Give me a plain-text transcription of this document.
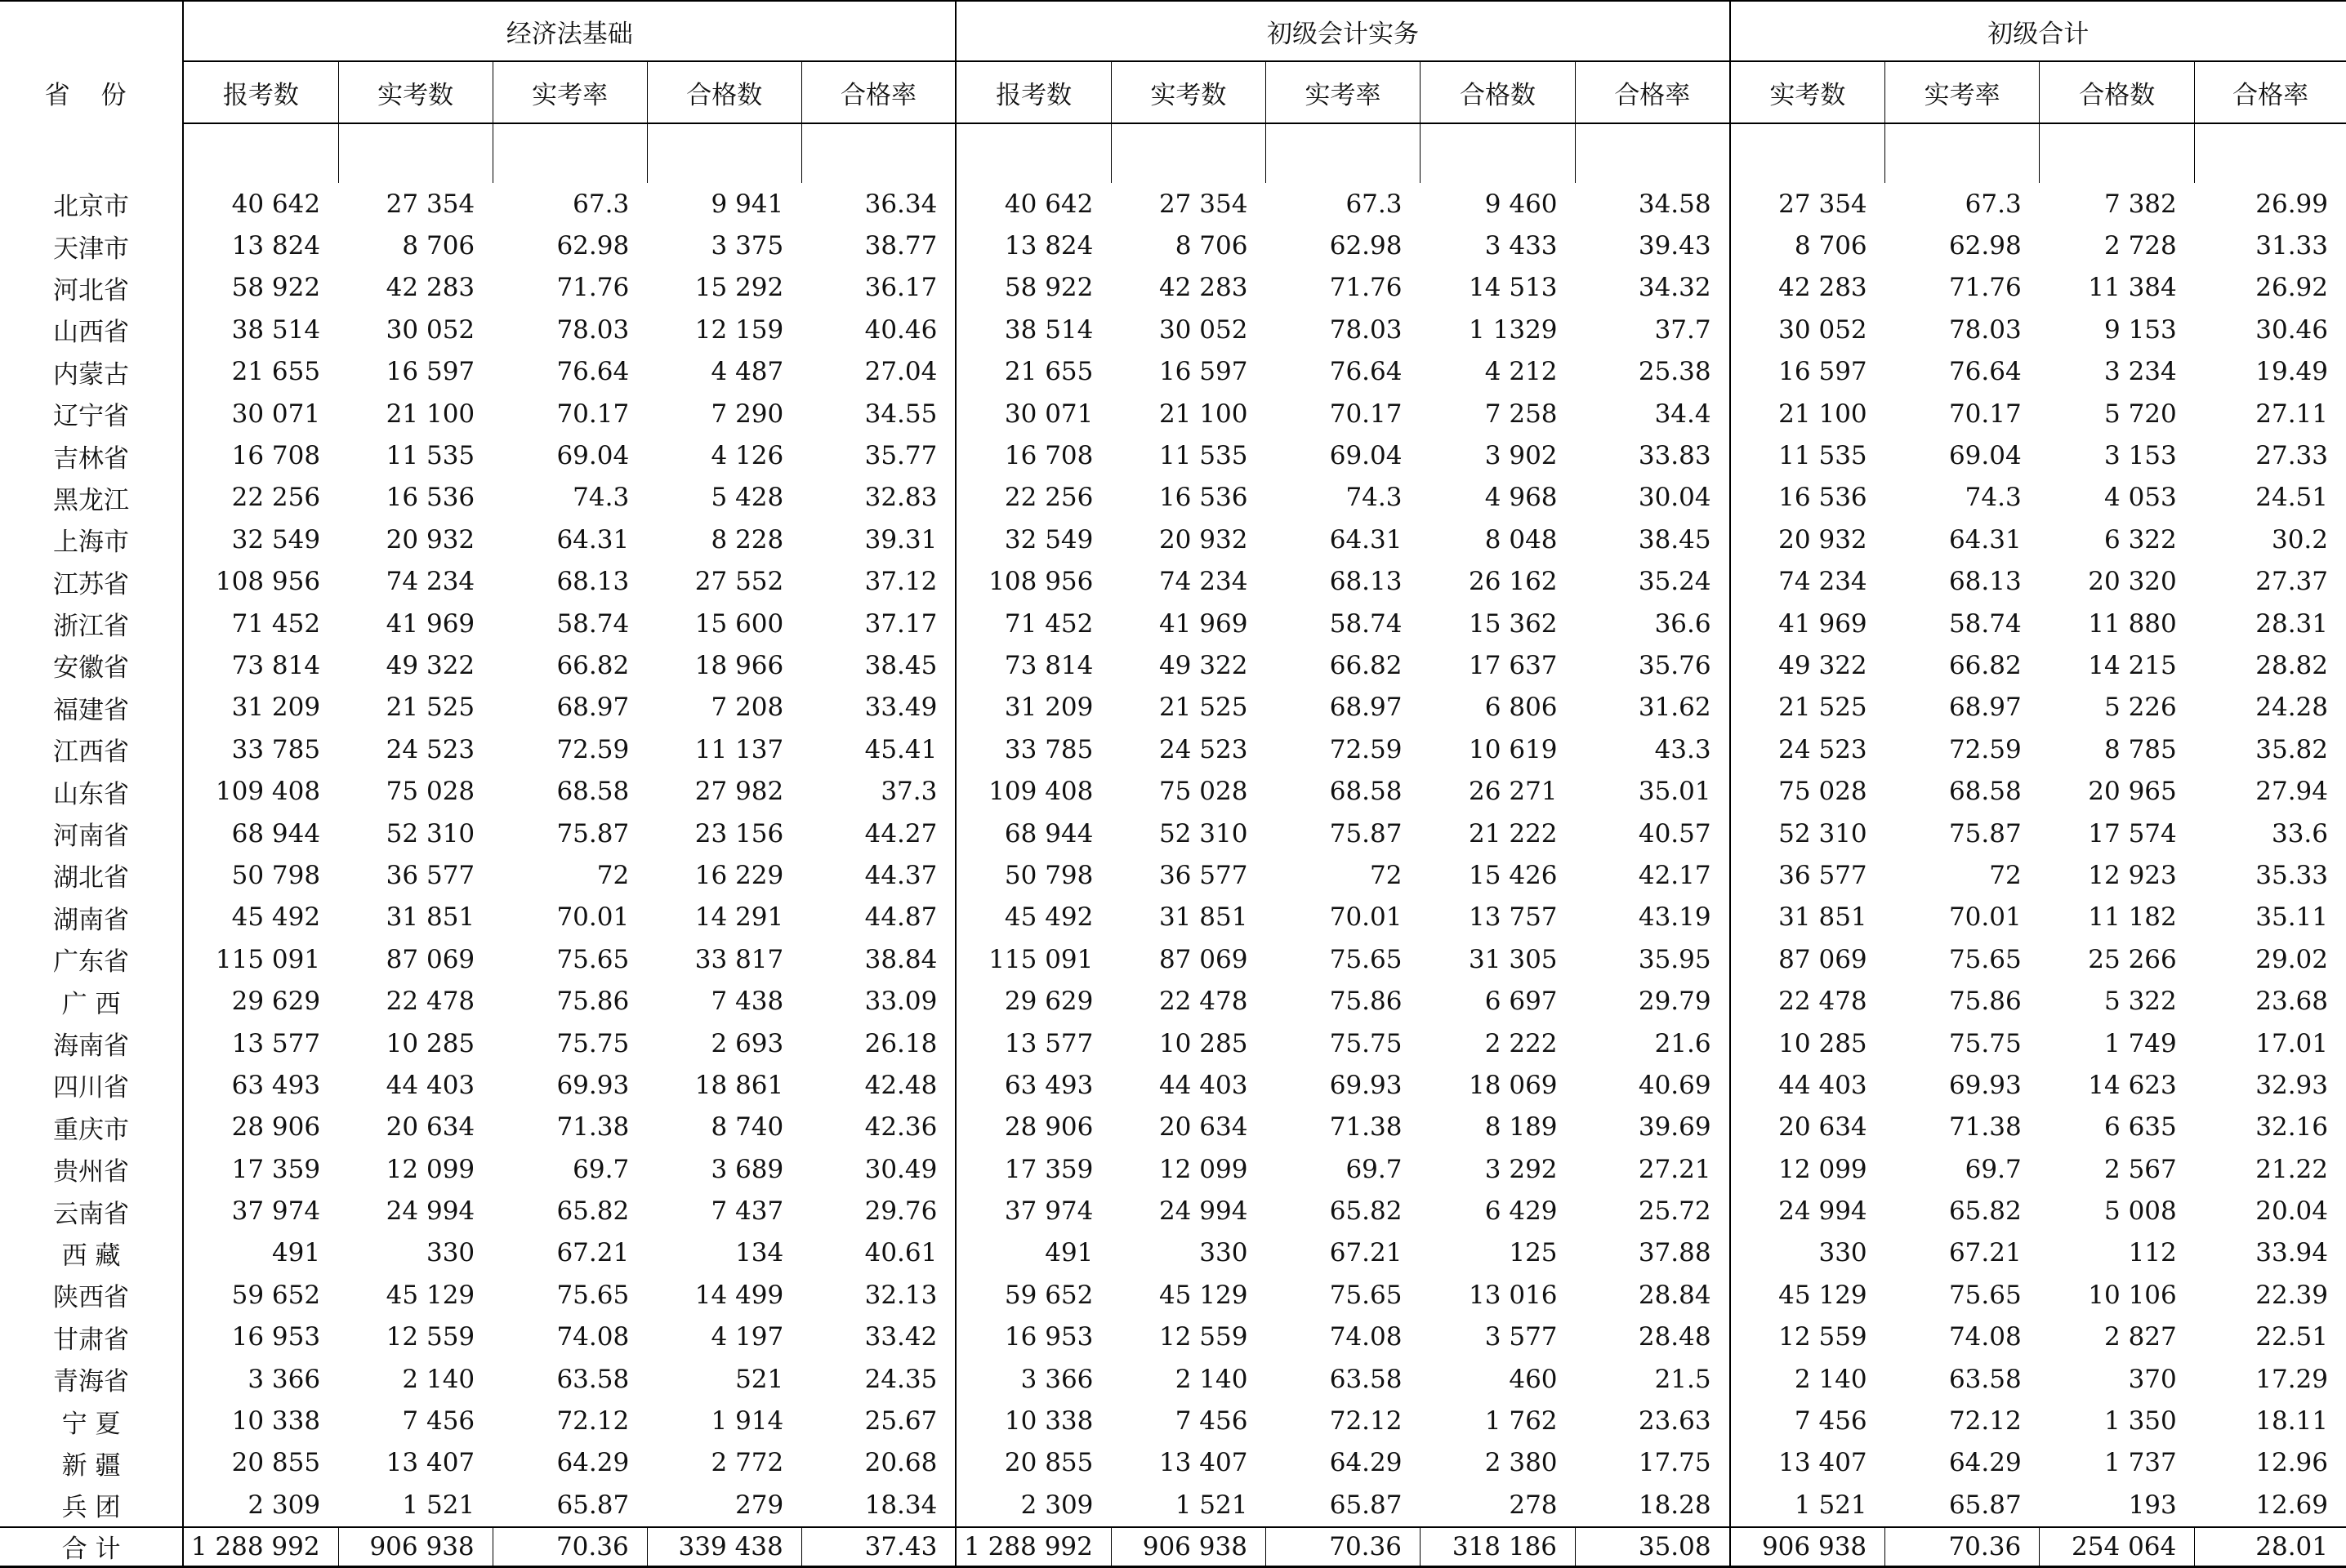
省 份	经济法基础					初级会计实务					初级合计			
	报考数	实考数	实考率	合格数	合格率	报考数	实考数	实考率	合格数	合格率	实考数	实考率	合格数	合格率

北京市	40 642	27 354	67.3	9 941	36.34	40 642	27 354	67.3	9 460	34.58	27 354	67.3	7 382	26.99
天津市	13 824	8 706	62.98	3 375	38.77	13 824	8 706	62.98	3 433	39.43	8 706	62.98	2 728	31.33
河北省	58 922	42 283	71.76	15 292	36.17	58 922	42 283	71.76	14 513	34.32	42 283	71.76	11 384	26.92
山西省	38 514	30 052	78.03	12 159	40.46	38 514	30 052	78.03	1 1329	37.7	30 052	78.03	9 153	30.46
内蒙古	21 655	16 597	76.64	4 487	27.04	21 655	16 597	76.64	4 212	25.38	16 597	76.64	3 234	19.49
辽宁省	30 071	21 100	70.17	7 290	34.55	30 071	21 100	70.17	7 258	34.4	21 100	70.17	5 720	27.11
吉林省	16 708	11 535	69.04	4 126	35.77	16 708	11 535	69.04	3 902	33.83	11 535	69.04	3 153	27.33
黑龙江	22 256	16 536	74.3	5 428	32.83	22 256	16 536	74.3	4 968	30.04	16 536	74.3	4 053	24.51
上海市	32 549	20 932	64.31	8 228	39.31	32 549	20 932	64.31	8 048	38.45	20 932	64.31	6 322	30.2
江苏省	108 956	74 234	68.13	27 552	37.12	108 956	74 234	68.13	26 162	35.24	74 234	68.13	20 320	27.37
浙江省	71 452	41 969	58.74	15 600	37.17	71 452	41 969	58.74	15 362	36.6	41 969	58.74	11 880	28.31
安徽省	73 814	49 322	66.82	18 966	38.45	73 814	49 322	66.82	17 637	35.76	49 322	66.82	14 215	28.82
福建省	31 209	21 525	68.97	7 208	33.49	31 209	21 525	68.97	6 806	31.62	21 525	68.97	5 226	24.28
江西省	33 785	24 523	72.59	11 137	45.41	33 785	24 523	72.59	10 619	43.3	24 523	72.59	8 785	35.82
山东省	109 408	75 028	68.58	27 982	37.3	109 408	75 028	68.58	26 271	35.01	75 028	68.58	20 965	27.94
河南省	68 944	52 310	75.87	23 156	44.27	68 944	52 310	75.87	21 222	40.57	52 310	75.87	17 574	33.6
湖北省	50 798	36 577	72	16 229	44.37	50 798	36 577	72	15 426	42.17	36 577	72	12 923	35.33
湖南省	45 492	31 851	70.01	14 291	44.87	45 492	31 851	70.01	13 757	43.19	31 851	70.01	11 182	35.11
广东省	115 091	87 069	75.65	33 817	38.84	115 091	87 069	75.65	31 305	35.95	87 069	75.65	25 266	29.02
广 西	29 629	22 478	75.86	7 438	33.09	29 629	22 478	75.86	6 697	29.79	22 478	75.86	5 322	23.68
海南省	13 577	10 285	75.75	2 693	26.18	13 577	10 285	75.75	2 222	21.6	10 285	75.75	1 749	17.01
四川省	63 493	44 403	69.93	18 861	42.48	63 493	44 403	69.93	18 069	40.69	44 403	69.93	14 623	32.93
重庆市	28 906	20 634	71.38	8 740	42.36	28 906	20 634	71.38	8 189	39.69	20 634	71.38	6 635	32.16
贵州省	17 359	12 099	69.7	3 689	30.49	17 359	12 099	69.7	3 292	27.21	12 099	69.7	2 567	21.22
云南省	37 974	24 994	65.82	7 437	29.76	37 974	24 994	65.82	6 429	25.72	24 994	65.82	5 008	20.04
西 藏	491	330	67.21	134	40.61	491	330	67.21	125	37.88	330	67.21	112	33.94
陕西省	59 652	45 129	75.65	14 499	32.13	59 652	45 129	75.65	13 016	28.84	45 129	75.65	10 106	22.39
甘肃省	16 953	12 559	74.08	4 197	33.42	16 953	12 559	74.08	3 577	28.48	12 559	74.08	2 827	22.51
青海省	3 366	2 140	63.58	521	24.35	3 366	2 140	63.58	460	21.5	2 140	63.58	370	17.29
宁 夏	10 338	7 456	72.12	1 914	25.67	10 338	7 456	72.12	1 762	23.63	7 456	72.12	1 350	18.11
新 疆	20 855	13 407	64.29	2 772	20.68	20 855	13 407	64.29	2 380	17.75	13 407	64.29	1 737	12.96
兵 团	2 309	1 521	65.87	279	18.34	2 309	1 521	65.87	278	18.28	1 521	65.87	193	12.69
合 计	1 288 992	906 938	70.36	339 438	37.43	1 288 992	906 938	70.36	318 186	35.08	906 938	70.36	254 064	28.01
